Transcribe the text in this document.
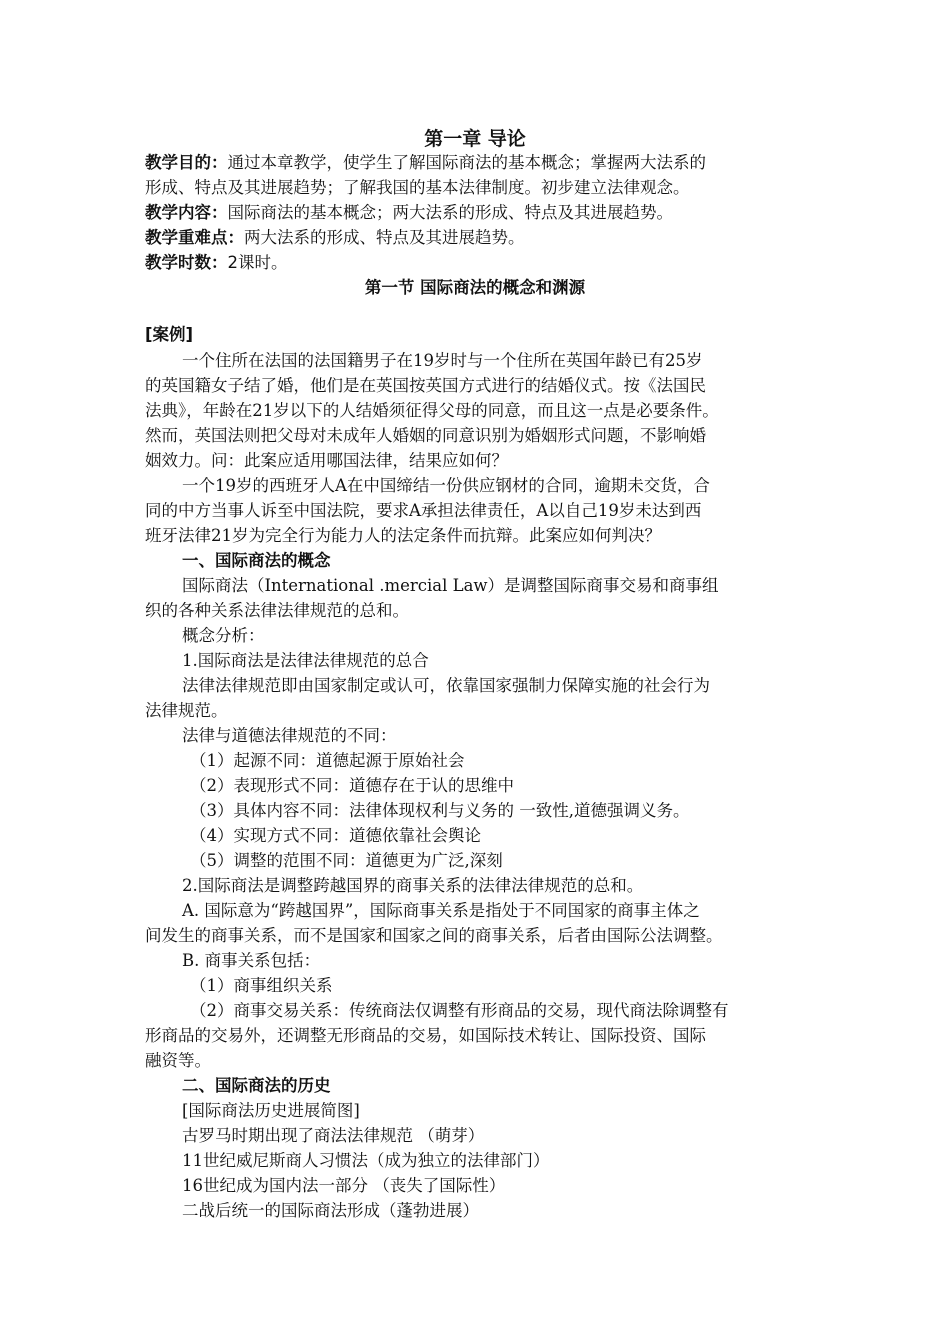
第一章 导论
教学目的：通过本章教学，使学生了解国际商法的基本概念；掌握两大法系的
形成、特点及其进展趋势；了解我国的基本法律制度。初步建立法律观念。
教学内容：国际商法的基本概念；两大法系的形成、特点及其进展趋势。
教学重难点：两大法系的形成、特点及其进展趋势。
教学时数：2课时。
第一节 国际商法的概念和渊源
[案例]
一个住所在法国的法国籍男子在19岁时与一个住所在英国年龄已有25岁
的英国籍女子结了婚，他们是在英国按英国方式进行的结婚仪式。按《法国民
法典》，年龄在21岁以下的人结婚须征得父母的同意，而且这一点是必要条件。
然而，英国法则把父母对未成年人婚姻的同意识别为婚姻形式问题，不影响婚
姻效力。问：此案应适用哪国法律，结果应如何？
一个19岁的西班牙人A在中国缔结一份供应钢材的合同，逾期未交货，合
同的中方当事人诉至中国法院，要求A承担法律责任，A以自己19岁未达到西
班牙法律21岁为完全行为能力人的法定条件而抗辩。此案应如何判决？
一、国际商法的概念
国际商法（International .mercial Law）是调整国际商事交易和商事组
织的各种关系法律法律规范的总和。
概念分析：
1.国际商法是法律法律规范的总合
法律法律规范即由国家制定或认可，依靠国家强制力保障实施的社会行为
法律规范。
法律与道德法律规范的不同：
（1）起源不同：道德起源于原始社会
（2）表现形式不同：道德存在于认的思维中
（3）具体内容不同：法律体现权利与义务的 一致性,道德强调义务。
（4）实现方式不同：道德依靠社会舆论
（5）调整的范围不同：道德更为广泛,深刻
2.国际商法是调整跨越国界的商事关系的法律法律规范的总和。
A. 国际意为“跨越国界”，国际商事关系是指处于不同国家的商事主体之
间发生的商事关系，而不是国家和国家之间的商事关系，后者由国际公法调整。
B. 商事关系包括：
（1）商事组织关系
（2）商事交易关系：传统商法仅调整有形商品的交易，现代商法除调整有
形商品的交易外，还调整无形商品的交易，如国际技术转让、国际投资、国际
融资等。
二、国际商法的历史
[国际商法历史进展简图]
古罗马时期出现了商法法律规范 （萌芽）
11世纪威尼斯商人习惯法（成为独立的法律部门）
16世纪成为国内法一部分 （丧失了国际性）
二战后统一的国际商法形成（蓬勃进展）
